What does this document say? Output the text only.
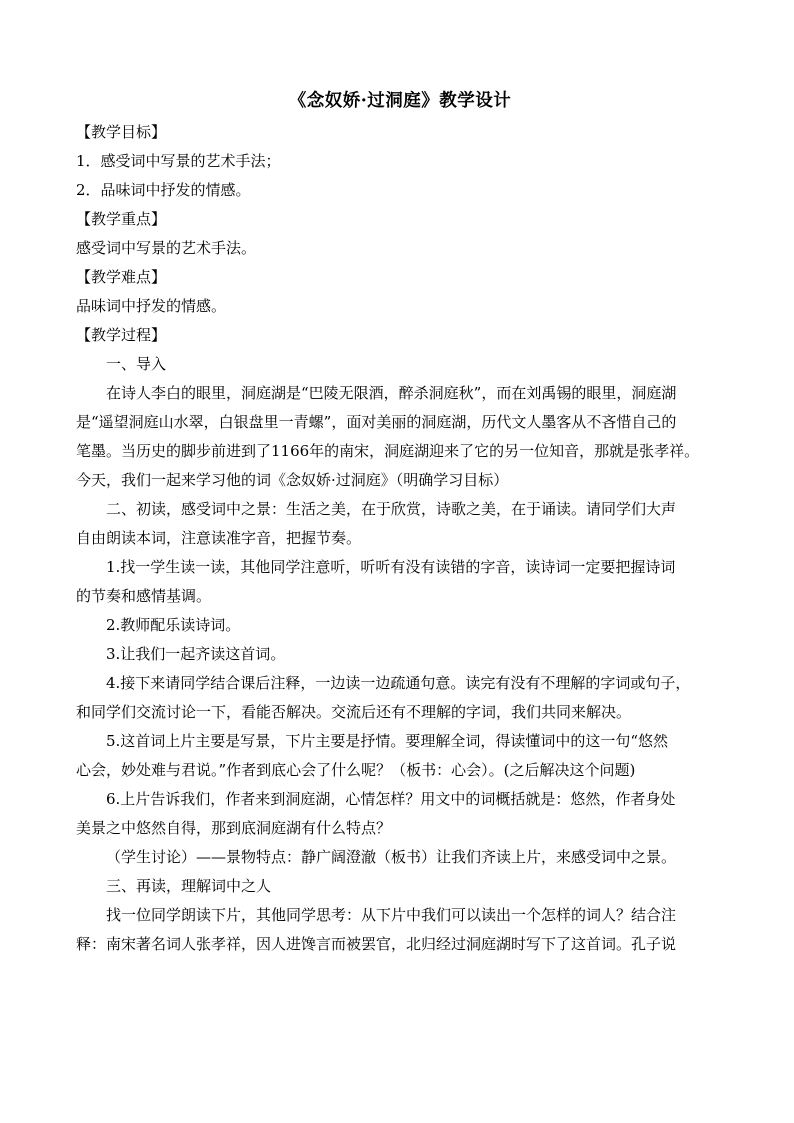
《念奴娇·过洞庭》教学设计
【教学目标】
1．感受词中写景的艺术手法；
2．品味词中抒发的情感。
【教学重点】
感受词中写景的艺术手法。
【教学难点】
品味词中抒发的情感。
【教学过程】
一、导入
在诗人李白的眼里，洞庭湖是“巴陵无限酒，醉杀洞庭秋”，而在刘禹锡的眼里，洞庭湖
是“遥望洞庭山水翠，白银盘里一青螺”，面对美丽的洞庭湖，历代文人墨客从不吝惜自己的
笔墨。当历史的脚步前进到了1166年的南宋，洞庭湖迎来了它的另一位知音，那就是张孝祥。
今天，我们一起来学习他的词《念奴娇·过洞庭》（明确学习目标）
二、初读，感受词中之景：生活之美，在于欣赏，诗歌之美，在于诵读。请同学们大声
自由朗读本词，注意读准字音，把握节奏。
1.找一学生读一读，其他同学注意听，听听有没有读错的字音，读诗词一定要把握诗词
的节奏和感情基调。
2.教师配乐读诗词。
3.让我们一起齐读这首词。
4.接下来请同学结合课后注释，一边读一边疏通句意。读完有没有不理解的字词或句子，
和同学们交流讨论一下，看能否解决。交流后还有不理解的字词，我们共同来解决。
5.这首词上片主要是写景，下片主要是抒情。要理解全词，得读懂词中的这一句“悠然
心会，妙处难与君说。”作者到底心会了什么呢？（板书：心会）。(之后解决这个问题)
6.上片告诉我们，作者来到洞庭湖，心情怎样？用文中的词概括就是：悠然，作者身处
美景之中悠然自得，那到底洞庭湖有什么特点？
（学生讨论）——景物特点：静广阔澄澈（板书）让我们齐读上片，来感受词中之景。
三、再读，理解词中之人
找一位同学朗读下片，其他同学思考：从下片中我们可以读出一个怎样的词人？结合注
释：南宋著名词人张孝祥，因人进馋言而被罢官，北归经过洞庭湖时写下了这首词。孔子说
